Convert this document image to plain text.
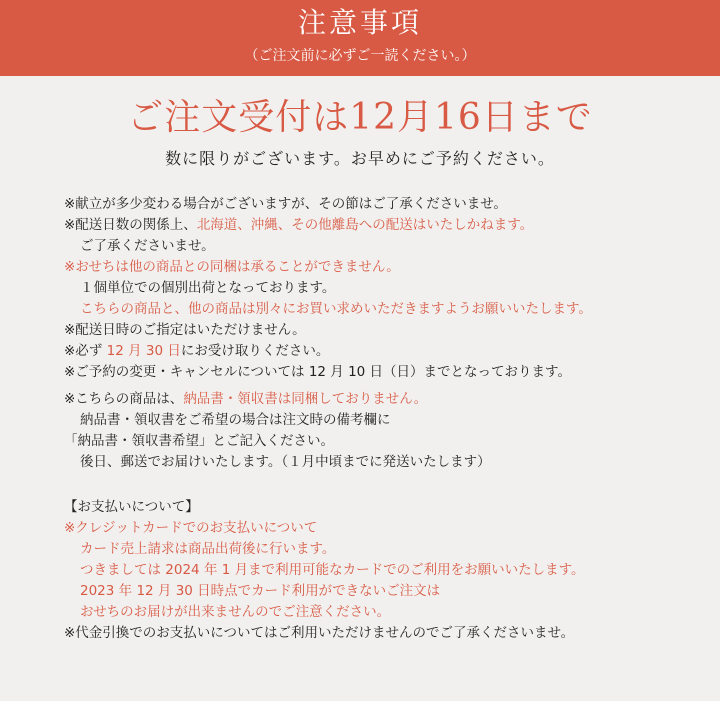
注意事項
（ご注文前に必ずご一読ください。）
ご注文受付は12月16日まで
数に限りがございます。お早めにご予約ください。
※献立が多少変わる場合がございますが、その節はご了承くださいませ。
※配送日数の関係上、北海道、沖縄、その他離島への配送はいたしかねます。
ご了承くださいませ。
※おせちは他の商品との同梱は承ることができません。
１個単位での個別出荷となっております。
こちらの商品と、他の商品は別々にお買い求めいただきますようお願いいたします。
※配送日時のご指定はいただけません。
※必ず 12 月 30 日にお受け取りください。
※ご予約の変更・キャンセルについては 12 月 10 日（日）までとなっております。
※こちらの商品は、納品書・領収書は同梱しておりません。
納品書・領収書をご希望の場合は注文時の備考欄に
「納品書・領収書希望」とご記入ください。
後日、郵送でお届けいたします。（１月中頃までに発送いたします）
【お支払いについて】
※クレジットカードでのお支払いについて
カード売上請求は商品出荷後に行います。
つきましては 2024 年 1 月まで利用可能なカードでのご利用をお願いいたします。
2023 年 12 月 30 日時点でカード利用ができないご注文は
おせちのお届けが出来ませんのでご注意ください。
※代金引換でのお支払いについてはご利用いただけませんのでご了承くださいませ。
